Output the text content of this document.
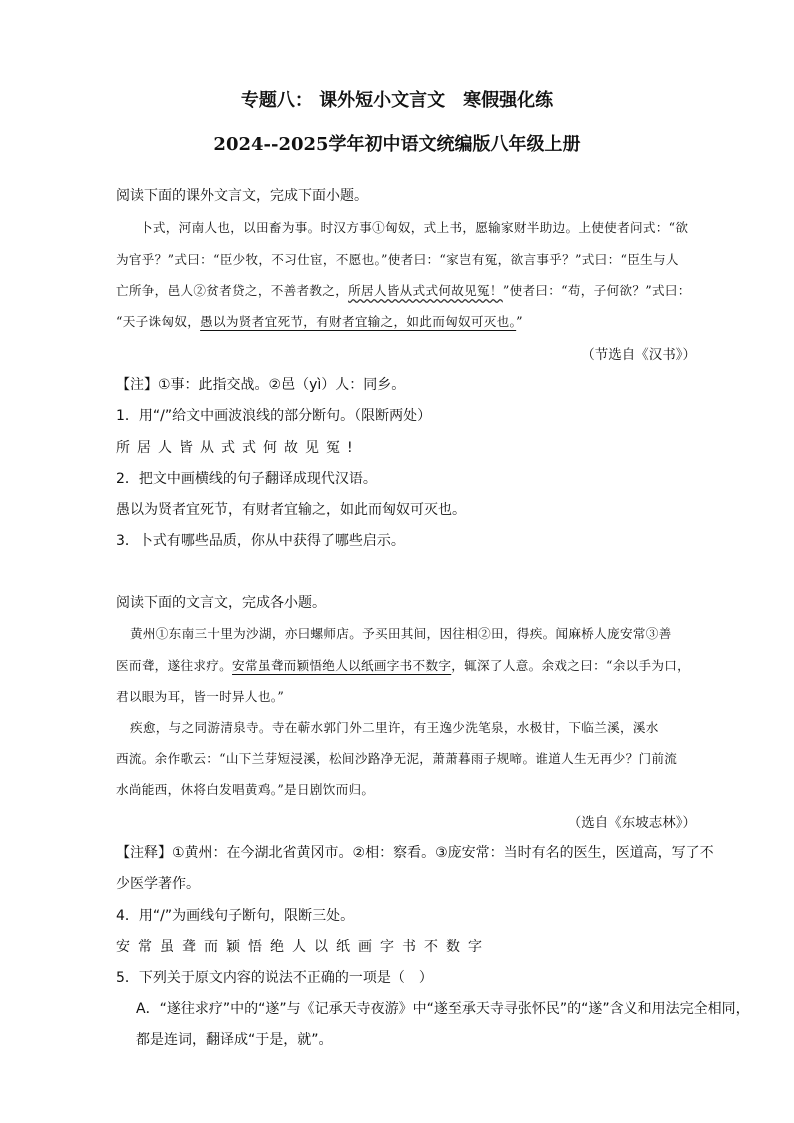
专题八： 课外短小文言文　寒假强化练
2024--2025学年初中语文统编版八年级上册
阅读下面的课外文言文，完成下面小题。
卜式，河南人也，以田畜为事。时汉方事①匈奴，式上书，愿输家财半助边。上使使者问式：“欲
为官乎？”式曰：“臣少牧，不习仕宦，不愿也。”使者曰：“家岂有冤，欲言事乎？”式曰：“臣生与人
亡所争，邑人②贫者贷之，不善者教之，所居人皆从式式何故见冤！”使者曰：“苟，子何欲？”式曰：
“天子诛匈奴，愚以为贤者宜死节，有财者宜输之，如此而匈奴可灭也。”
（节选自《汉书》）
【注】①事：此指交战。②邑（yì）人：同乡。
1．用“/”给文中画波浪线的部分断句。（限断两处）
所居人皆从式式何故见冤!
2．把文中画横线的句子翻译成现代汉语。
愚以为贤者宜死节，有财者宜输之，如此而匈奴可灭也。
3．卜式有哪些品质，你从中获得了哪些启示。
阅读下面的文言文，完成各小题。
黄州①东南三十里为沙湖，亦曰螺师店。予买田其间，因往相②田，得疾。闻麻桥人庞安常③善
医而聋，遂往求疗。安常虽聋而颖悟绝人以纸画字书不数字，辄深了人意。余戏之曰：“余以手为口，
君以眼为耳，皆一时异人也。”
疾愈，与之同游清泉寺。寺在蕲水郭门外二里许，有王逸少洗笔泉，水极甘，下临兰溪，溪水
西流。余作歌云：“山下兰芽短浸溪，松间沙路净无泥，萧萧暮雨子规啼。谁道人生无再少？门前流
水尚能西，休将白发唱黄鸡。”是日剧饮而归。
（选自《东坡志林》）
【注释】①黄州：在今湖北省黄冈市。②相：察看。③庞安常：当时有名的医生，医道高，写了不
少医学著作。
4．用“/”为画线句子断句，限断三处。
安常虽聋而颖悟绝人以纸画字书不数字
5．下列关于原文内容的说法不正确的一项是（　）
A．“遂往求疗”中的“遂”与《记承天寺夜游》中“遂至承天寺寻张怀民”的“遂”含义和用法完全相同，
都是连词，翻译成“于是，就”。
